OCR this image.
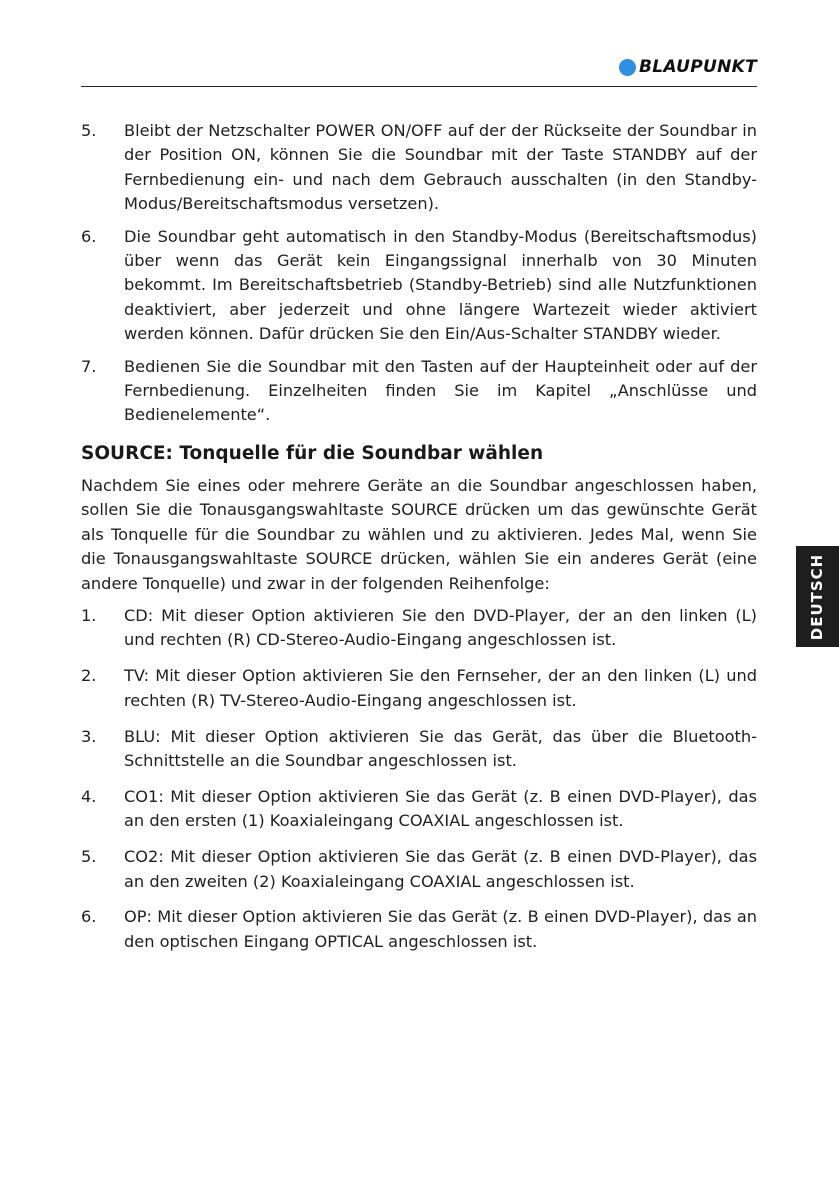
BLAUPUNKT
5. Bleibt der Netzschalter POWER ON/OFF auf der der Rückseite der Soundbar in der Position ON, können Sie die Soundbar mit der Taste STANDBY auf der Fernbedienung ein- und nach dem Gebrauch ausschalten (in den Standby-Modus/Bereitschaftsmodus versetzen).
6. Die Soundbar geht automatisch in den Standby-Modus (Bereitschaftsmodus) über wenn das Gerät kein Eingangssignal innerhalb von 30 Minuten bekommt. Im Bereitschaftsbetrieb (Standby-Betrieb) sind alle Nutzfunktionen deaktiviert, aber jederzeit und ohne längere Wartezeit wieder aktiviert werden können. Dafür drücken Sie den Ein/Aus-Schalter STANDBY wieder.
7. Bedienen Sie die Soundbar mit den Tasten auf der Haupteinheit oder auf der Fernbedienung. Einzelheiten finden Sie im Kapitel „Anschlüsse und Bedienelemente“.
SOURCE: Tonquelle für die Soundbar wählen
Nachdem Sie eines oder mehrere Geräte an die Soundbar angeschlossen haben, sollen Sie die Tonausgangswahltaste SOURCE drücken um das gewünschte Gerät als Tonquelle für die Soundbar zu wählen und zu aktivieren. Jedes Mal, wenn Sie die Tonausgangswahltaste SOURCE drücken, wählen Sie ein anderes Gerät (eine andere Tonquelle) und zwar in der folgenden Reihenfolge:
1. CD: Mit dieser Option aktivieren Sie den DVD-Player, der an den linken (L) und rechten (R) CD-Stereo-Audio-Eingang angeschlossen ist.
2. TV: Mit dieser Option aktivieren Sie den Fernseher, der an den linken (L) und rechten (R) TV-Stereo-Audio-Eingang angeschlossen ist.
3. BLU: Mit dieser Option aktivieren Sie das Gerät, das über die Bluetooth-Schnittstelle an die Soundbar angeschlossen ist.
4. CO1: Mit dieser Option aktivieren Sie das Gerät (z. B einen DVD-Player), das an den ersten (1) Koaxialeingang COAXIAL angeschlossen ist.
5. CO2: Mit dieser Option aktivieren Sie das Gerät (z. B einen DVD-Player), das an den zweiten (2) Koaxialeingang COAXIAL angeschlossen ist.
6. OP: Mit dieser Option aktivieren Sie das Gerät (z. B einen DVD-Player), das an den optischen Eingang OPTICAL angeschlossen ist.
DEUTSCH
